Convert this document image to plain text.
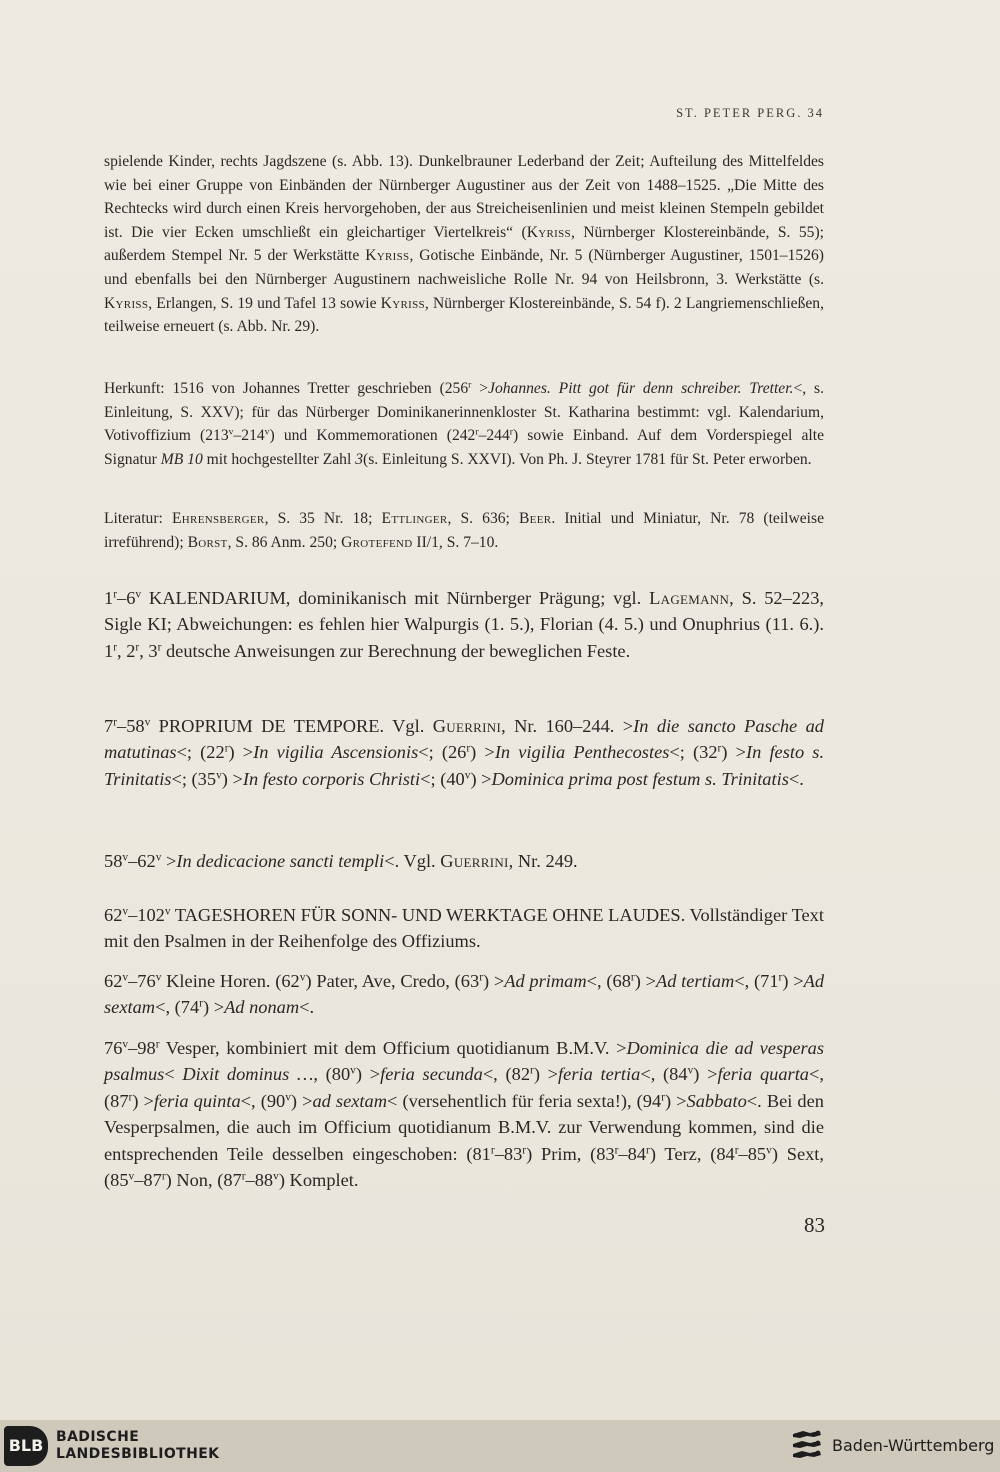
ST. PETER PERG. 34

spielende Kinder, rechts Jagdszene (s. Abb. 13). Dunkelbrauner Lederband der Zeit; Aufteilung des Mittelfeldes wie bei einer Gruppe von Einbänden der Nürnberger Augustiner aus der Zeit von 1488–1525. „Die Mitte des Rechtecks wird durch einen Kreis hervorgehoben, der aus Streicheisenlinien und meist kleinen Stempeln gebildet ist. Die vier Ecken umschließt ein gleichartiger Viertelkreis“ (Kyriss, Nürnberger Klostereinbände, S. 55); außerdem Stempel Nr. 5 der Werkstätte Kyriss, Gotische Einbände, Nr. 5 (Nürnberger Augustiner, 1501–1526) und ebenfalls bei den Nürnberger Augustinern nachweisliche Rolle Nr. 94 von Heilsbronn, 3. Werkstätte (s. Kyriss, Erlangen, S. 19 und Tafel 13 sowie Kyriss, Nürnberger Klostereinbände, S. 54 f). 2 Langriemenschließen, teilweise erneuert (s. Abb. Nr. 29).

Herkunft: 1516 von Johannes Tretter geschrieben ($256^r$ >Johannes. Pitt got für denn schreiber. Tretter.<, s. Einleitung, S. XXV); für das Nürberger Dominikanerinnenkloster St. Katharina bestimmt: vgl. Kalendarium, Votivoffizium (213$^v$–214$^v$) und Kommemorationen (242$^r$–244$^r$) sowie Einband. Auf dem Vorderspiegel alte Signatur MB 10 mit hochgestellter Zahl 3(s. Einleitung S. XXVI). Von Ph. J. Steyrer 1781 für St. Peter erworben.

Literatur: Ehrensberger, S. 35 Nr. 18; Ettlinger, S. 636; Beer. Initial und Miniatur, Nr. 78 (teilweise irreführend); Borst, S. 86 Anm. 250; Grotefend II/1, S. 7–10.

1$^r$–6$^v$ KALENDARIUM, dominikanisch mit Nürnberger Prägung; vgl. Lagemann, S. 52–223, Sigle KI; Abweichungen: es fehlen hier Walpurgis (1. 5.), Florian (4. 5.) und Onuphrius (11. 6.). 1$^r$, 2$^r$, 3$^r$ deutsche Anweisungen zur Berechnung der beweglichen Feste.

7$^r$–58$^v$ PROPRIUM DE TEMPORE. Vgl. Guerrini, Nr. 160–244. >In die sancto Pasche ad matutinas<; $(22^r) >In$ vigilia Ascensionis<; $(26^r) >In$ vigilia Penthecostes<; $(32^r) >In$ festo s. Trinitatis<; $(35^v) >In$ festo corporis Christi<; $(40^v)$ >Dominica prima post festum s. Trinitatis<.

$58^v-62^v >In$ dedicacione sancti templi<. Vgl. Guerrini, Nr. 249.

62$^v$–102$^v$ TAGESHOREN FÜR SONN- UND WERKTAGE OHNE LAUDES. Vollständiger Text mit den Psalmen in der Reihenfolge des Offiziums.

62$^v$–76$^v$ Kleine Horen. (62$^v$) Pater, Ave, Credo, $(63^r) >Ad$ primam<, $(68^r) >Ad$ tertiam<, $(71^r) >Ad$ sextam<, $(74^r) >Ad$ nonam<.

76$^v$–98$^r$ Vesper, kombiniert mit dem Officium quotidianum B.M.V. >Dominica die ad vesperas psalmus< Dixit dominus …, $(80^v)$ >feria secunda<, $(82^r)$ >feria tertia<, $(84^v)$ >feria quarta<, $(87^r)$ >feria quinta<, $(90^v) >ad$ sextam< (versehentlich für feria sexta!), $(94^r)$ >Sabbato<. Bei den Vesperpsalmen, die auch im Officium quotidianum B.M.V. zur Verwendung kommen, sind die entsprechenden Teile desselben eingeschoben: (81$^r$–83$^r$) Prim, (83$^r$–84$^r$) Terz, (84$^r$–85$^v$) Sext, (85$^v$–87$^r$) Non, (87$^r$–88$^v$) Komplet.

83
BLB BADISCHE
LANDESBIBLIOTHEK	Baden-Württemberg
